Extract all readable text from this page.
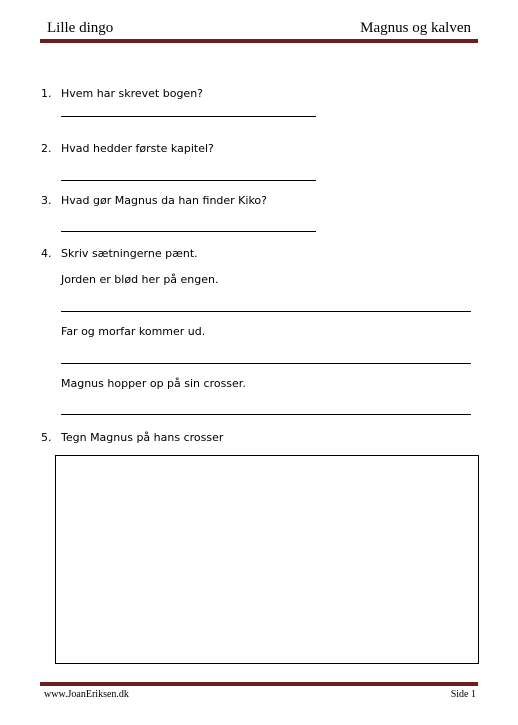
Lille dingo	Magnus og kalven
1. Hvem har skrevet bogen?
2. Hvad hedder første kapitel?
3. Hvad gør Magnus da han finder Kiko?
4. Skriv sætningerne pænt.
Jorden er blød her på engen.
Far og morfar kommer ud.
Magnus hopper op på sin crosser.
5. Tegn Magnus på hans crosser
www.JoanEriksen.dk	Side 1
